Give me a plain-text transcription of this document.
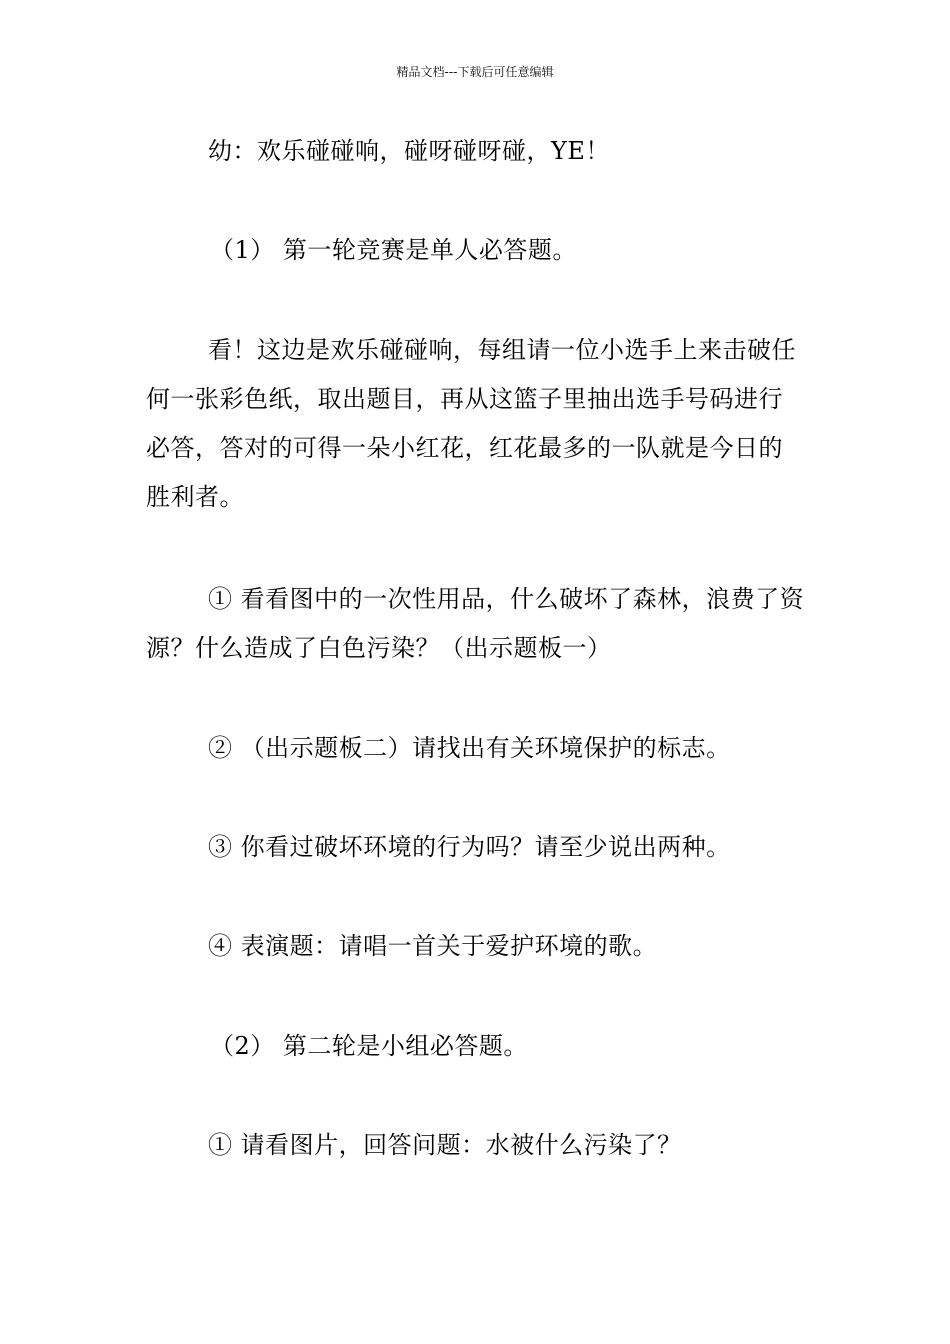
精品文档---下载后可任意编辑

幼：欢乐碰碰响，碰呀碰呀碰，YE！

（1） 第一轮竞赛是单人必答题。

看！这边是欢乐碰碰响，每组请一位小选手上来击破任何一张彩色纸，取出题目，再从这篮子里抽出选手号码进行必答，答对的可得一朵小红花，红花最多的一队就是今日的胜利者。

① 看看图中的一次性用品，什么破坏了森林，浪费了资源？什么造成了白色污染？（出示题板一）

② （出示题板二）请找出有关环境保护的标志。

③ 你看过破坏环境的行为吗？请至少说出两种。

④ 表演题：请唱一首关于爱护环境的歌。

（2） 第二轮是小组必答题。

① 请看图片，回答问题：水被什么污染了？
